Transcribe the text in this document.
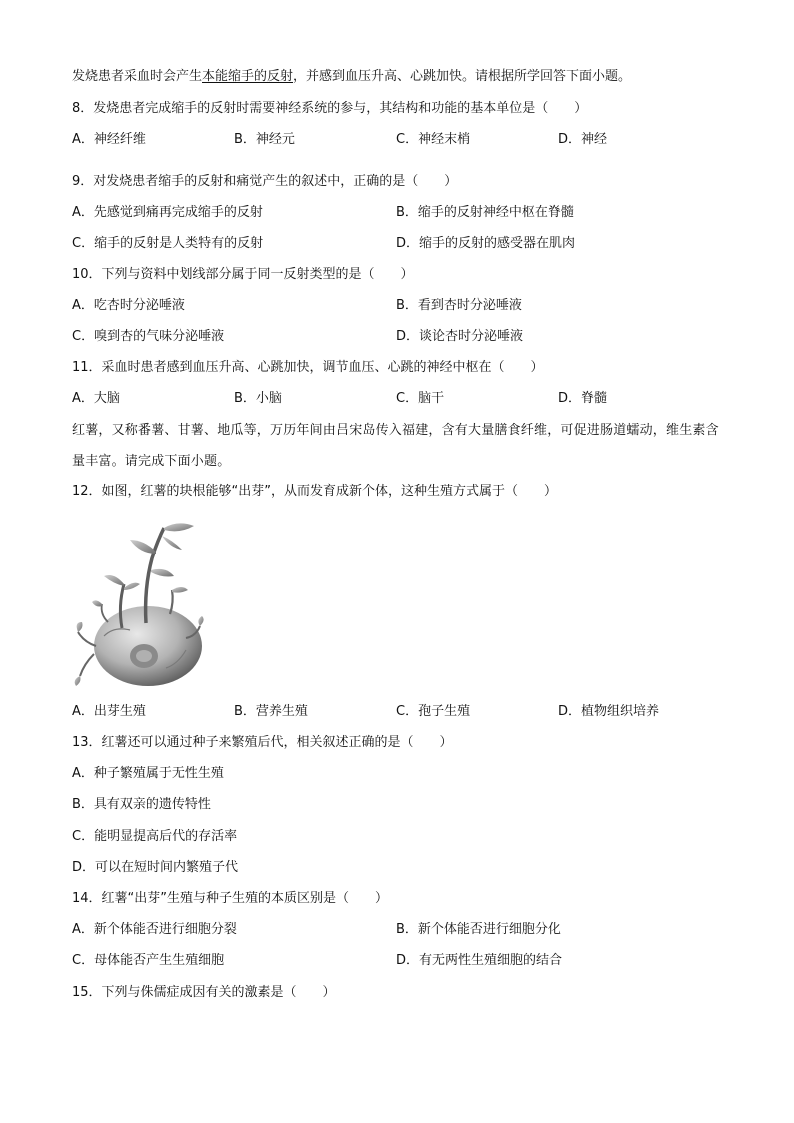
发烧患者采血时会产生本能缩手的反射，并感到血压升高、心跳加快。请根据所学回答下面小题。
8．发烧患者完成缩手的反射时需要神经系统的参与，其结构和功能的基本单位是（　　）
A．神经纤维	B．神经元	C．神经末梢	D．神经
9．对发烧患者缩手的反射和痛觉产生的叙述中，正确的是（　　）
A．先感觉到痛再完成缩手的反射	B．缩手的反射神经中枢在脊髓
C．缩手的反射是人类特有的反射	D．缩手的反射的感受器在肌肉
10．下列与资料中划线部分属于同一反射类型的是（　　）
A．吃杏时分泌唾液	B．看到杏时分泌唾液
C．嗅到杏的气味分泌唾液	D．谈论杏时分泌唾液
11．采血时患者感到血压升高、心跳加快，调节血压、心跳的神经中枢在（　　）
A．大脑	B．小脑	C．脑干	D．脊髓
红薯，又称番薯、甘薯、地瓜等，万历年间由吕宋岛传入福建，含有大量膳食纤维，可促进肠道蠕动，维生素含量丰富。请完成下面小题。
12．如图，红薯的块根能够“出芽”，从而发育成新个体，这种生殖方式属于（　　）
A．出芽生殖	B．营养生殖	C．孢子生殖	D．植物组织培养
13．红薯还可以通过种子来繁殖后代，相关叙述正确的是（　　）
A．种子繁殖属于无性生殖
B．具有双亲的遗传特性
C．能明显提高后代的存活率
D．可以在短时间内繁殖子代
14．红薯“出芽”生殖与种子生殖的本质区别是（　　）
A．新个体能否进行细胞分裂	B．新个体能否进行细胞分化
C．母体能否产生生殖细胞	D．有无两性生殖细胞的结合
15．下列与侏儒症成因有关的激素是（　　）
